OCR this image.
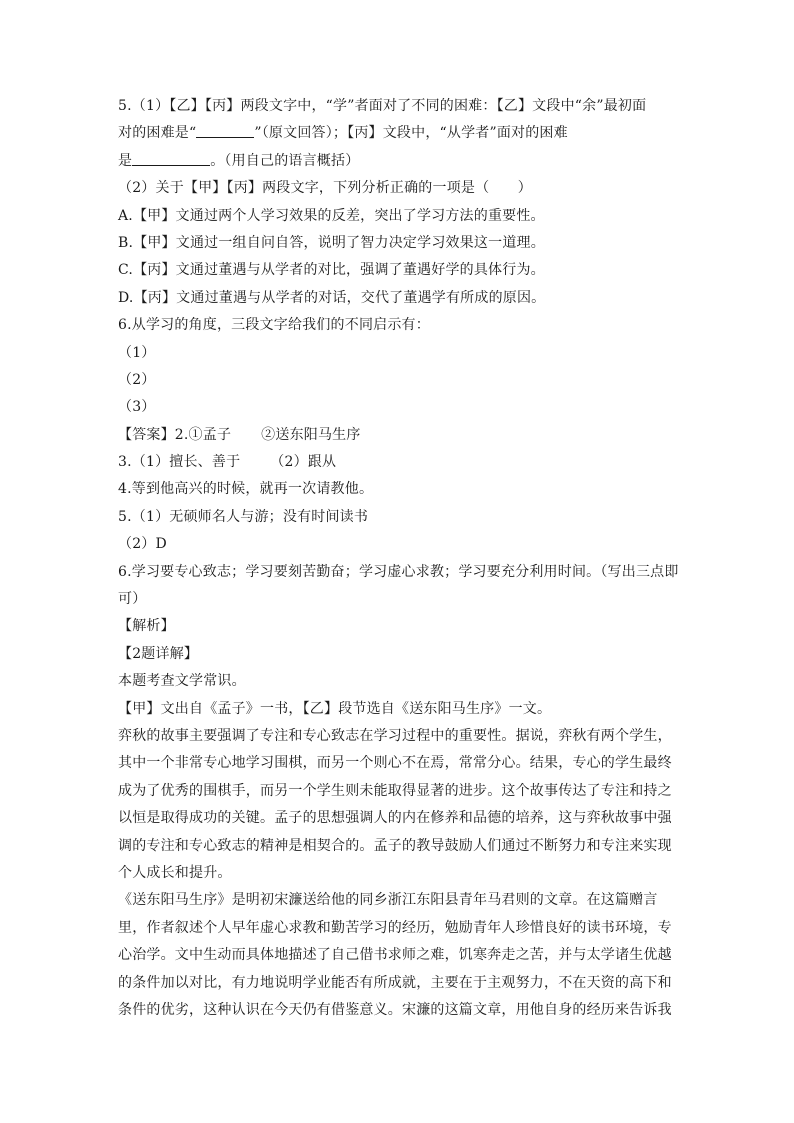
5.（1）【乙】【丙】两段文字中，“学”者面对了不同的困难：【乙】文段中“余”最初面
对的困难是“	”（原文回答）；【丙】文段中，“从学者”面对的困难
是	。（用自己的语言概括）
（2）关于【甲】【丙】两段文字，下列分析正确的一项是（　　）
A.【甲】文通过两个人学习效果的反差，突出了学习方法的重要性。
B.【甲】文通过一组自问自答，说明了智力决定学习效果这一道理。
C.【丙】文通过董遇与从学者的对比，强调了董遇好学的具体行为。
D.【丙】文通过董遇与从学者的对话，交代了董遇学有所成的原因。
6.从学习的角度，三段文字给我们的不同启示有：
（1）
（2）
（3）
【答案】2.①孟子 ②送东阳马生序
3.（1）擅长、善于 （2）跟从
4.等到他高兴的时候，就再一次请教他。
5.（1）无硕师名人与游；没有时间读书
（2）D
6.学习要专心致志；学习要刻苦勤奋；学习虚心求教；学习要充分利用时间。（写出三点即
可）
【解析】
【2题详解】
本题考查文学常识。
【甲】文出自《孟子》一书，【乙】段节选自《送东阳马生序》一文。
弈秋的故事主要强调了专注和专心致志在学习过程中的重要性。据说，弈秋有两个学生，
其中一个非常专心地学习围棋，而另一个则心不在焉，常常分心。结果，专心的学生最终
成为了优秀的围棋手，而另一个学生则未能取得显著的进步。这个故事传达了专注和持之
以恒是取得成功的关键。孟子的思想强调人的内在修养和品德的培养，这与弈秋故事中强
调的专注和专心致志的精神是相契合的。孟子的教导鼓励人们通过不断努力和专注来实现
个人成长和提升。
《送东阳马生序》是明初宋濂送给他的同乡浙江东阳县青年马君则的文章。在这篇赠言
里，作者叙述个人早年虚心求教和勤苦学习的经历，勉励青年人珍惜良好的读书环境，专
心治学。文中生动而具体地描述了自己借书求师之难，饥寒奔走之苦，并与太学诸生优越
的条件加以对比，有力地说明学业能否有所成就，主要在于主观努力，不在天资的高下和
条件的优劣，这种认识在今天仍有借鉴意义。宋濂的这篇文章，用他自身的经历来告诉我
